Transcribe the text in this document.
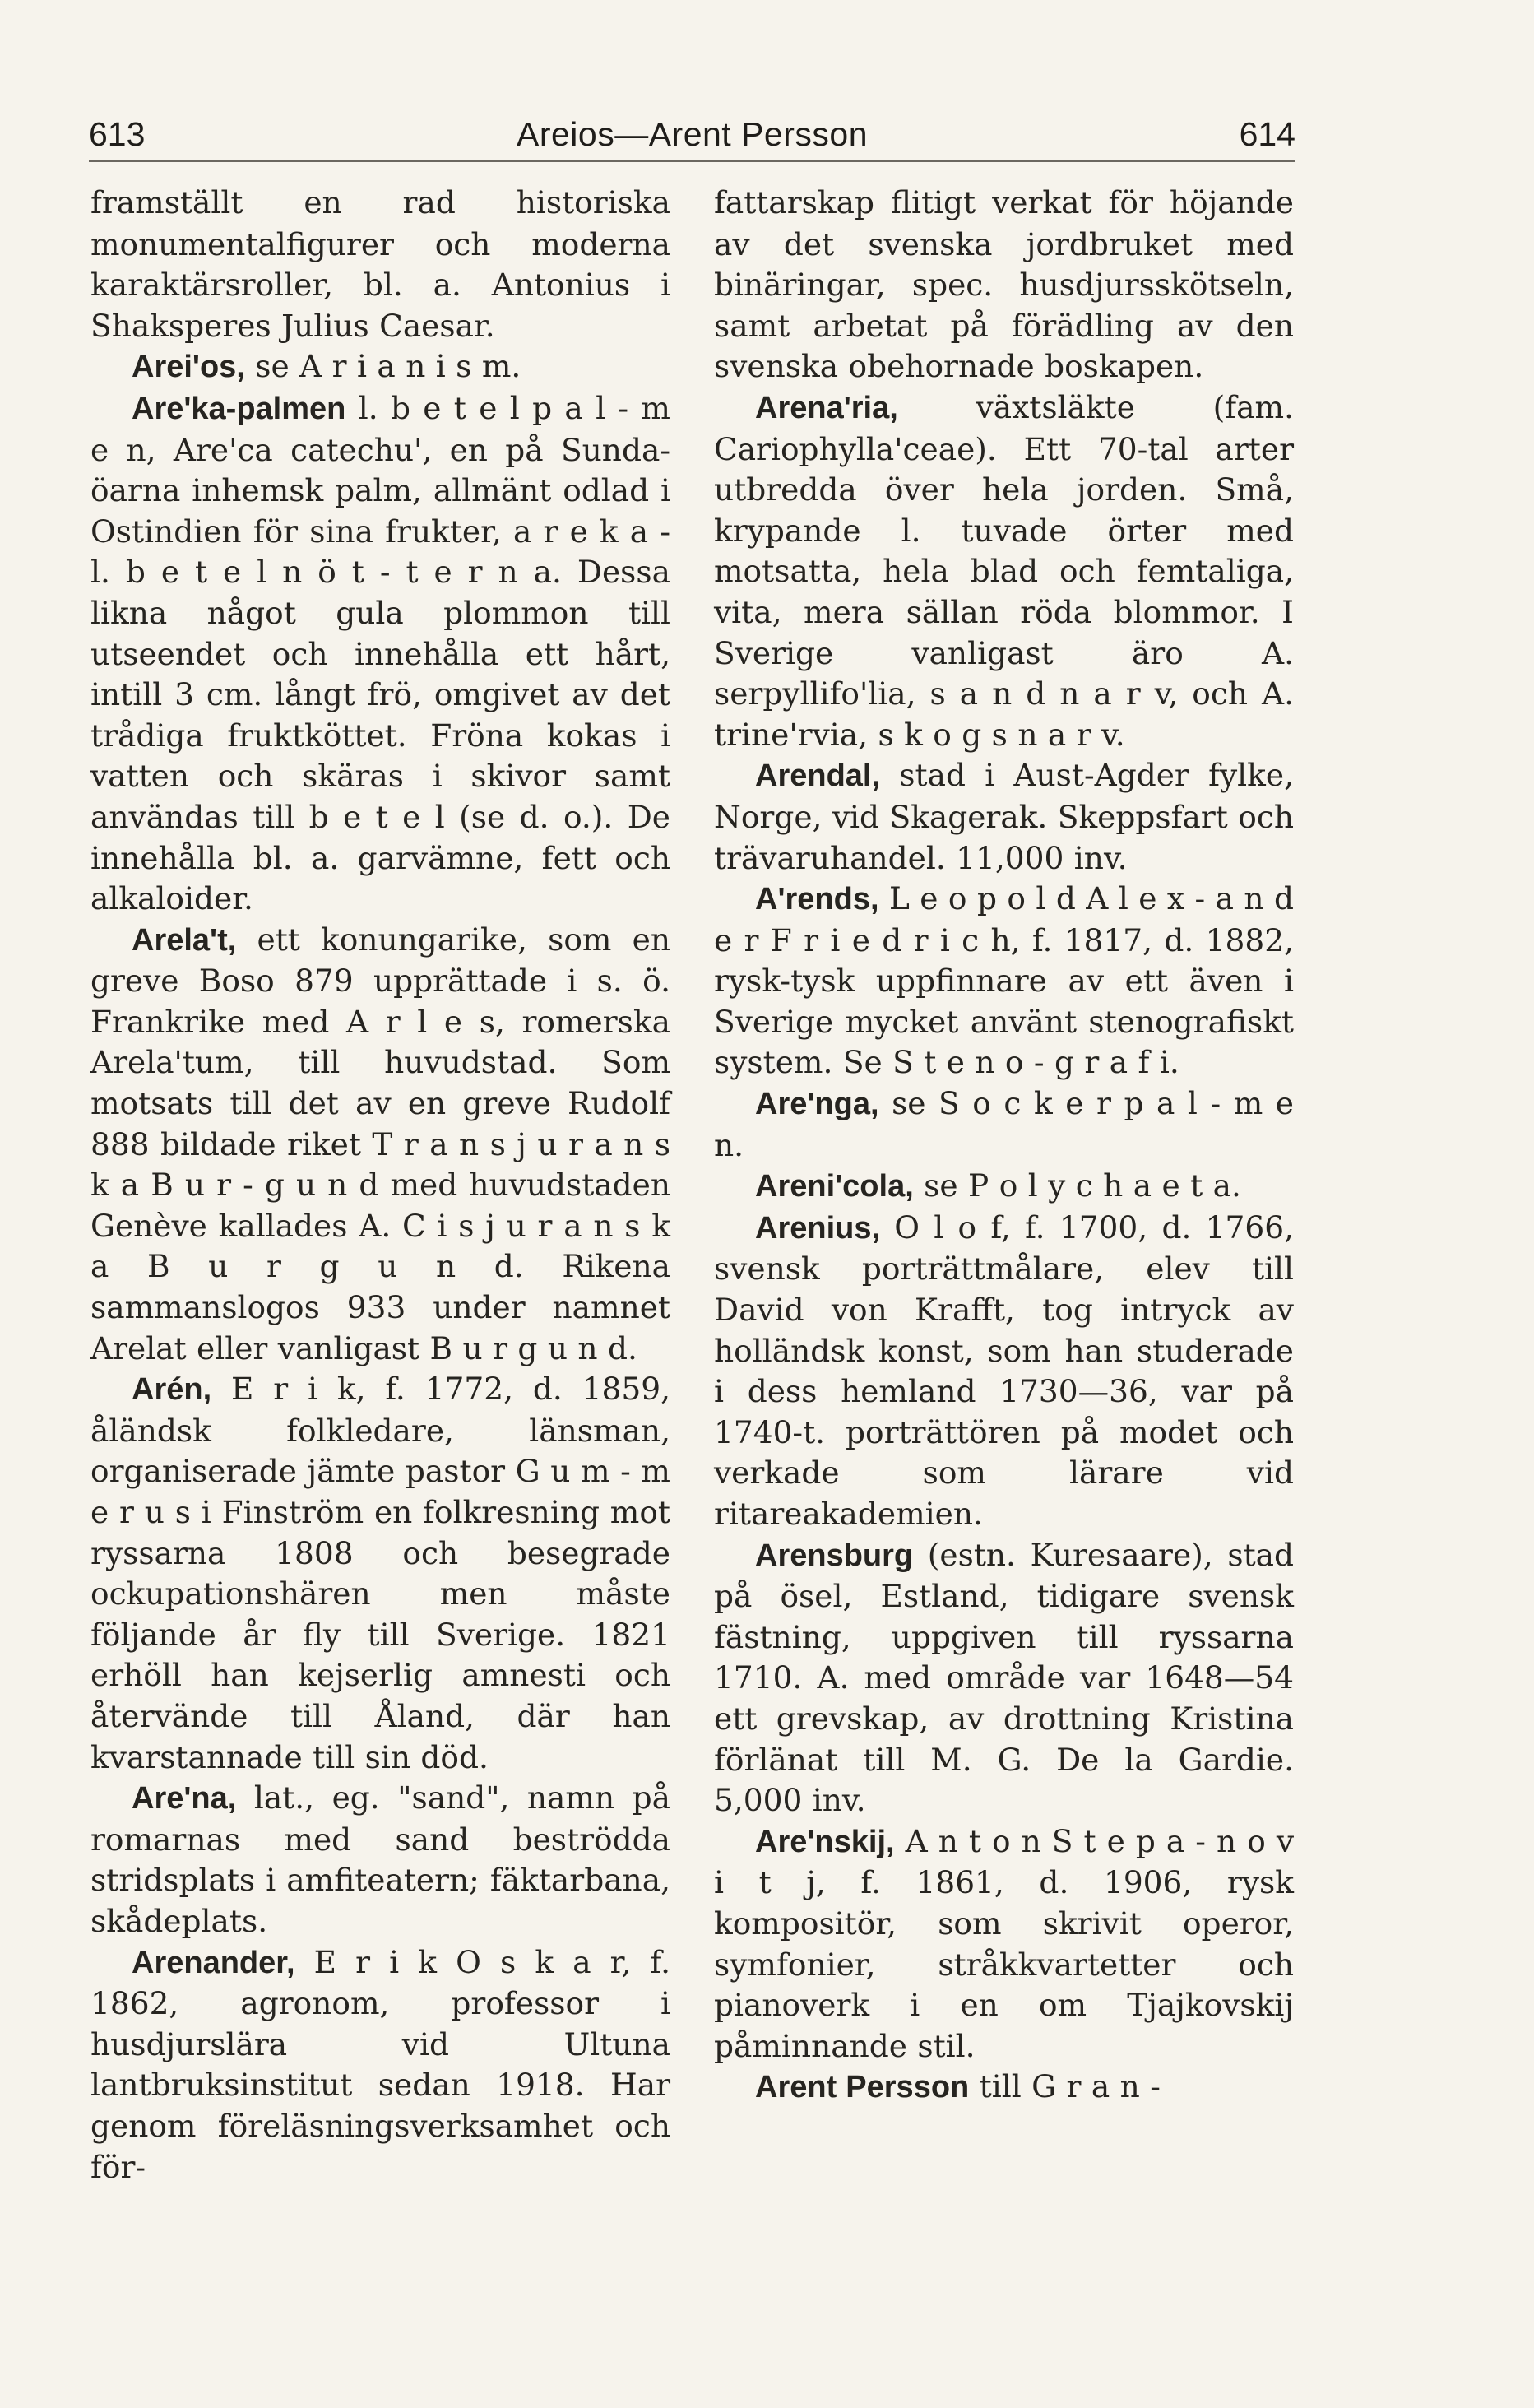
613	Areios—Arent Persson	614

framställt en rad historiska monumentalfigurer och moderna karaktärsroller, bl. a. Antonius i Shaksperes Julius Caesar.

Arei'os, se A r i a n i s m.

Are'ka-palmen l. b e t e l p a l - m e n, Are'ca catechu', en på Sunda-öarna inhemsk palm, allmänt odlad i Ostindien för sina frukter, a r e k a - l. b e t e l n ö t - t e r n a. Dessa likna något gula plommon till utseendet och innehålla ett hårt, intill 3 cm. långt frö, omgivet av det trådiga fruktköttet. Fröna kokas i vatten och skäras i skivor samt användas till b e t e l (se d. o.). De innehålla bl. a. garvämne, fett och alkaloider.

Arela't, ett konungarike, som en greve Boso 879 upprättade i s. ö. Frankrike med A r l e s, romerska Arela'tum, till huvudstad. Som motsats till det av en greve Rudolf 888 bildade riket T r a n s j u r a n s k a B u r - g u n d med huvudstaden Genève kallades A. C i s j u r a n s k a B u r g u n d. Rikena sammanslogos 933 under namnet Arelat eller vanligast B u r g u n d.

Arén, E r i k, f. 1772, d. 1859, åländsk folkledare, länsman, organiserade jämte pastor G u m - m e r u s i Finström en folkresning mot ryssarna 1808 och besegrade ockupationshären men måste följande år fly till Sverige. 1821 erhöll han kejserlig amnesti och återvände till Åland, där han kvarstannade till sin död.

Are'na, lat., eg. "sand", namn på romarnas med sand beströdda stridsplats i amfiteatern; fäktarbana, skådeplats.

Arenander, E r i k O s k a r, f. 1862, agronom, professor i husdjurslära vid Ultuna lantbruksinstitut sedan 1918. Har genom föreläsningsverksamhet och för-

fattarskap flitigt verkat för höjande av det svenska jordbruket med binäringar, spec. husdjursskötseln, samt arbetat på förädling av den svenska obehornade boskapen.

Arena'ria, växtsläkte (fam. Cariophylla'ceae). Ett 70-tal arter utbredda över hela jorden. Små, krypande l. tuvade örter med motsatta, hela blad och femtaliga, vita, mera sällan röda blommor. I Sverige vanligast äro A. serpyllifo'lia, s a n d n a r v, och A. trine'rvia, s k o g s n a r v.

Arendal, stad i Aust-Agder fylke, Norge, vid Skagerak. Skeppsfart och trävaruhandel. 11,000 inv.

A'rends, L e o p o l d A l e x - a n d e r F r i e d r i c h, f. 1817, d. 1882, rysk-tysk uppfinnare av ett även i Sverige mycket använt stenografiskt system. Se S t e n o - g r a f i.

Are'nga, se S o c k e r p a l - m e n.

Areni'cola, se P o l y c h a e t a.

Arenius, O l o f, f. 1700, d. 1766, svensk porträttmålare, elev till David von Krafft, tog intryck av holländsk konst, som han studerade i dess hemland 1730—36, var på 1740-t. porträttören på modet och verkade som lärare vid ritareakademien.

Arensburg (estn. Kuresaare), stad på ösel, Estland, tidigare svensk fästning, uppgiven till ryssarna 1710. A. med område var 1648—54 ett grevskap, av drottning Kristina förlänat till M. G. De la Gardie. 5,000 inv.

Are'nskij, A n t o n S t e p a - n o v i t j, f. 1861, d. 1906, rysk kompositör, som skrivit operor, symfonier, stråkkvartetter och pianoverk i en om Tjajkovskij påminnande stil.

Arent Persson till G r a n -
